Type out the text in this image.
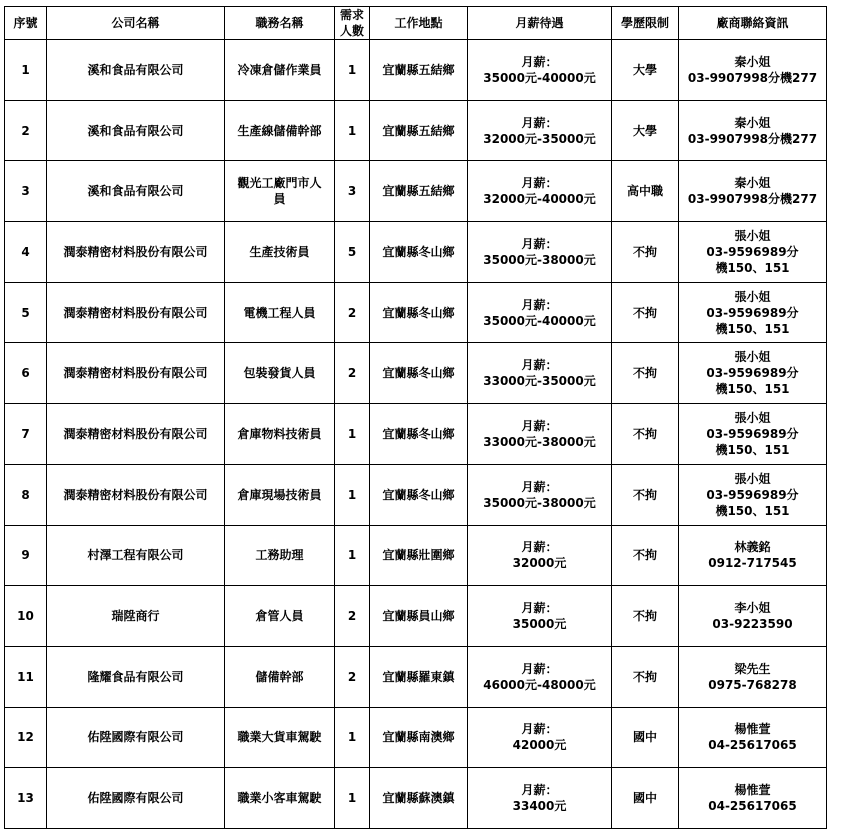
序號	公司名稱	職務名稱	需求
人數	工作地點	月薪待遇	學歷限制	廠商聯絡資訊
1	溪和食品有限公司	冷凍倉儲作業員	1	宜蘭縣五結鄉	月薪：
35000元-40000元	大學	秦小姐
03-9907998分機277
2	溪和食品有限公司	生產線儲備幹部	1	宜蘭縣五結鄉	月薪：
32000元-35000元	大學	秦小姐
03-9907998分機277
3	溪和食品有限公司	觀光工廠門市人
員	3	宜蘭縣五結鄉	月薪：
32000元-40000元	高中職	秦小姐
03-9907998分機277
4	潤泰精密材料股份有限公司	生產技術員	5	宜蘭縣冬山鄉	月薪：
35000元-38000元	不拘	張小姐
03-9596989分
機150、151
5	潤泰精密材料股份有限公司	電機工程人員	2	宜蘭縣冬山鄉	月薪：
35000元-40000元	不拘	張小姐
03-9596989分
機150、151
6	潤泰精密材料股份有限公司	包裝發貨人員	2	宜蘭縣冬山鄉	月薪：
33000元-35000元	不拘	張小姐
03-9596989分
機150、151
7	潤泰精密材料股份有限公司	倉庫物料技術員	1	宜蘭縣冬山鄉	月薪：
33000元-38000元	不拘	張小姐
03-9596989分
機150、151
8	潤泰精密材料股份有限公司	倉庫現場技術員	1	宜蘭縣冬山鄉	月薪：
35000元-38000元	不拘	張小姐
03-9596989分
機150、151
9	村澤工程有限公司	工務助理	1	宜蘭縣壯圍鄉	月薪：
32000元	不拘	林義銘
0912-717545
10	瑞陞商行	倉管人員	2	宜蘭縣員山鄉	月薪：
35000元	不拘	李小姐
03-9223590
11	隆耀食品有限公司	儲備幹部	2	宜蘭縣羅東鎮	月薪：
46000元-48000元	不拘	梁先生
0975-768278
12	佑陞國際有限公司	職業大貨車駕駛	1	宜蘭縣南澳鄉	月薪：
42000元	國中	楊惟萱
04-25617065
13	佑陞國際有限公司	職業小客車駕駛	1	宜蘭縣蘇澳鎮	月薪：
33400元	國中	楊惟萱
04-25617065
